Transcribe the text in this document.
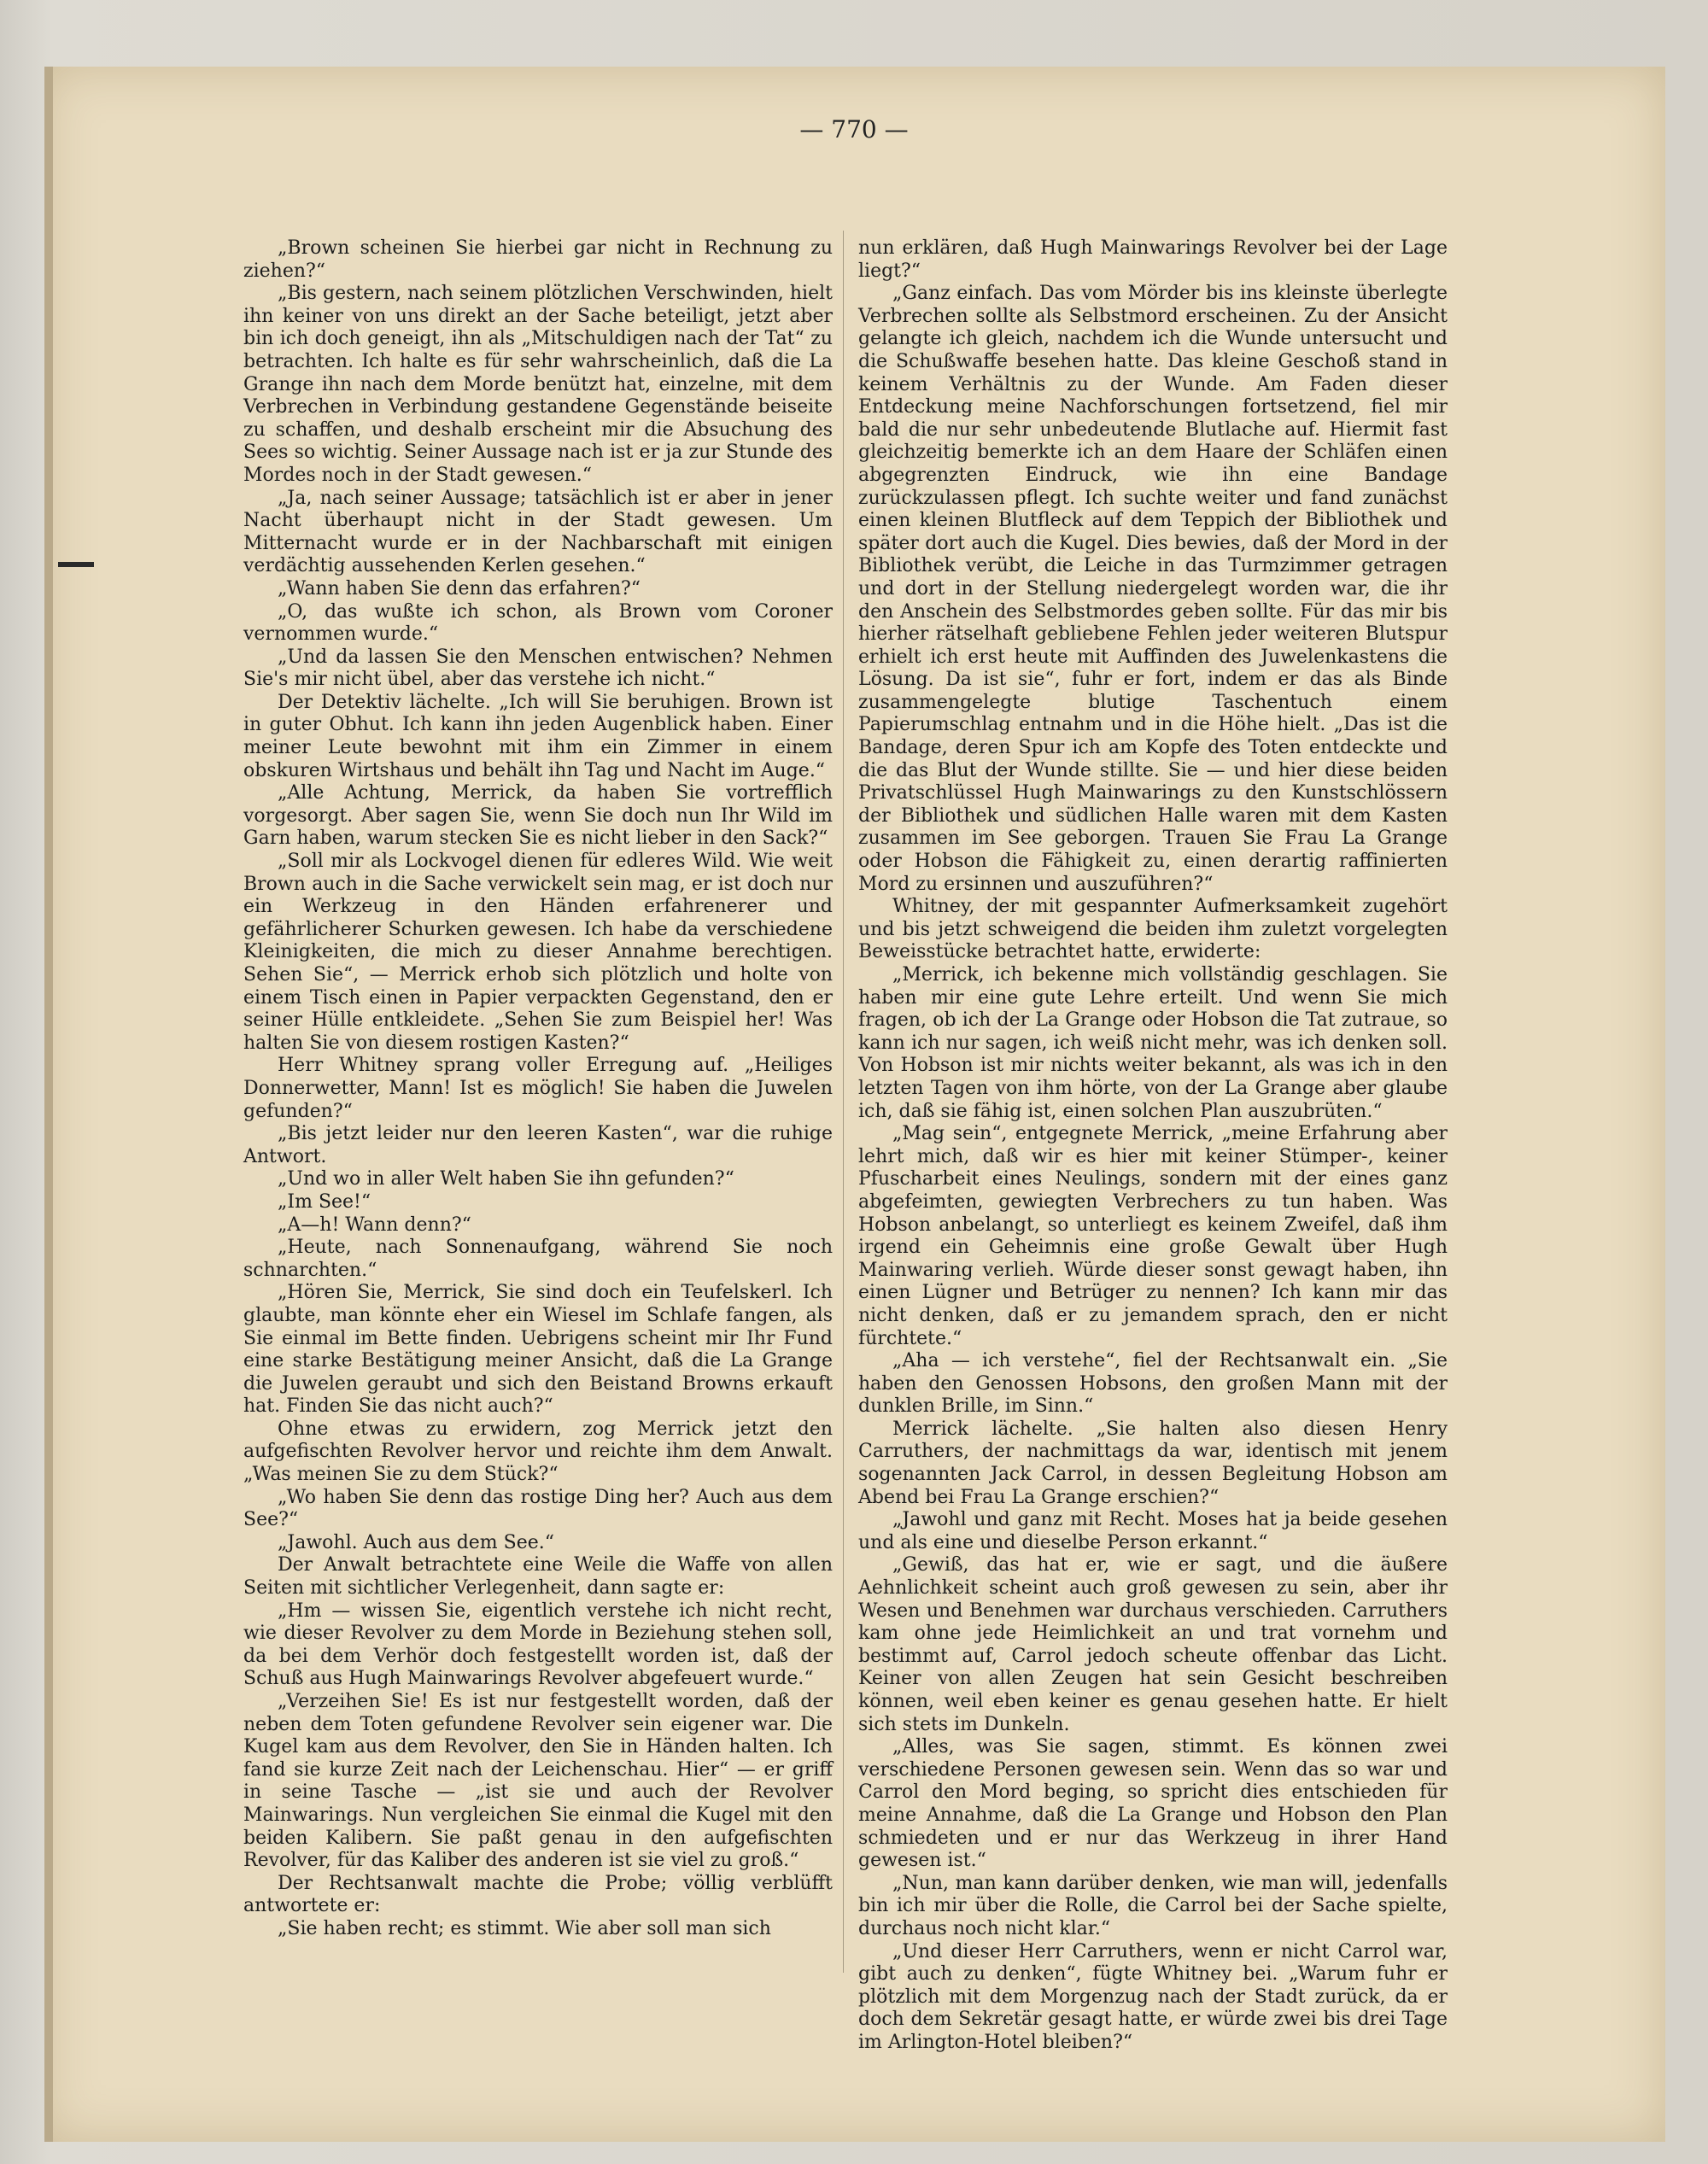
— 770 —

„Brown scheinen Sie hierbei gar nicht in Rechnung zu ziehen?“

„Bis gestern, nach seinem plötzlichen Verschwinden, hielt ihn keiner von uns direkt an der Sache beteiligt, jetzt aber bin ich doch geneigt, ihn als „Mitschuldigen nach der Tat“ zu betrachten. Ich halte es für sehr wahrscheinlich, daß die La Grange ihn nach dem Morde benützt hat, einzelne, mit dem Verbrechen in Verbindung gestandene Gegenstände beiseite zu schaffen, und deshalb erscheint mir die Absuchung des Sees so wichtig. Seiner Aussage nach ist er ja zur Stunde des Mordes noch in der Stadt gewesen.“

„Ja, nach seiner Aussage; tatsächlich ist er aber in jener Nacht überhaupt nicht in der Stadt gewesen. Um Mitternacht wurde er in der Nachbarschaft mit einigen verdächtig aussehenden Kerlen gesehen.“

„Wann haben Sie denn das erfahren?“

„O, das wußte ich schon, als Brown vom Coroner vernommen wurde.“

„Und da lassen Sie den Menschen entwischen? Nehmen Sie's mir nicht übel, aber das verstehe ich nicht.“

Der Detektiv lächelte. „Ich will Sie beruhigen. Brown ist in guter Obhut. Ich kann ihn jeden Augenblick haben. Einer meiner Leute bewohnt mit ihm ein Zimmer in einem obskuren Wirtshaus und behält ihn Tag und Nacht im Auge.“

„Alle Achtung, Merrick, da haben Sie vortrefflich vorgesorgt. Aber sagen Sie, wenn Sie doch nun Ihr Wild im Garn haben, warum stecken Sie es nicht lieber in den Sack?“

„Soll mir als Lockvogel dienen für edleres Wild. Wie weit Brown auch in die Sache verwickelt sein mag, er ist doch nur ein Werkzeug in den Händen erfahrenerer und gefährlicherer Schurken gewesen. Ich habe da verschiedene Kleinigkeiten, die mich zu dieser Annahme berechtigen. Sehen Sie“, — Merrick erhob sich plötzlich und holte von einem Tisch einen in Papier verpackten Gegenstand, den er seiner Hülle entkleidete. „Sehen Sie zum Beispiel her! Was halten Sie von diesem rostigen Kasten?“

Herr Whitney sprang voller Erregung auf. „Heiliges Donnerwetter, Mann! Ist es möglich! Sie haben die Juwelen gefunden?“

„Bis jetzt leider nur den leeren Kasten“, war die ruhige Antwort.

„Und wo in aller Welt haben Sie ihn gefunden?“

„Im See!“

„A—h! Wann denn?“

„Heute, nach Sonnenaufgang, während Sie noch schnarchten.“

„Hören Sie, Merrick, Sie sind doch ein Teufelskerl. Ich glaubte, man könnte eher ein Wiesel im Schlafe fangen, als Sie einmal im Bette finden. Uebrigens scheint mir Ihr Fund eine starke Bestätigung meiner Ansicht, daß die La Grange die Juwelen geraubt und sich den Beistand Browns erkauft hat. Finden Sie das nicht auch?“

Ohne etwas zu erwidern, zog Merrick jetzt den aufgefischten Revolver hervor und reichte ihm dem Anwalt. „Was meinen Sie zu dem Stück?“

„Wo haben Sie denn das rostige Ding her? Auch aus dem See?“

„Jawohl. Auch aus dem See.“

Der Anwalt betrachtete eine Weile die Waffe von allen Seiten mit sichtlicher Verlegenheit, dann sagte er:

„Hm — wissen Sie, eigentlich verstehe ich nicht recht, wie dieser Revolver zu dem Morde in Beziehung stehen soll, da bei dem Verhör doch festgestellt worden ist, daß der Schuß aus Hugh Mainwarings Revolver abgefeuert wurde.“

„Verzeihen Sie! Es ist nur festgestellt worden, daß der neben dem Toten gefundene Revolver sein eigener war. Die Kugel kam aus dem Revolver, den Sie in Händen halten. Ich fand sie kurze Zeit nach der Leichenschau. Hier“ — er griff in seine Tasche — „ist sie und auch der Revolver Mainwarings. Nun vergleichen Sie einmal die Kugel mit den beiden Kalibern. Sie paßt genau in den aufgefischten Revolver, für das Kaliber des anderen ist sie viel zu groß.“

Der Rechtsanwalt machte die Probe; völlig verblüfft antwortete er:

„Sie haben recht; es stimmt. Wie aber soll man sich

nun erklären, daß Hugh Mainwarings Revolver bei der Lage liegt?“

„Ganz einfach. Das vom Mörder bis ins kleinste überlegte Verbrechen sollte als Selbstmord erscheinen. Zu der Ansicht gelangte ich gleich, nachdem ich die Wunde untersucht und die Schußwaffe besehen hatte. Das kleine Geschoß stand in keinem Verhältnis zu der Wunde. Am Faden dieser Entdeckung meine Nachforschungen fortsetzend, fiel mir bald die nur sehr unbedeutende Blutlache auf. Hiermit fast gleichzeitig bemerkte ich an dem Haare der Schläfen einen abgegrenzten Eindruck, wie ihn eine Bandage zurückzulassen pflegt. Ich suchte weiter und fand zunächst einen kleinen Blutfleck auf dem Teppich der Bibliothek und später dort auch die Kugel. Dies bewies, daß der Mord in der Bibliothek verübt, die Leiche in das Turmzimmer getragen und dort in der Stellung niedergelegt worden war, die ihr den Anschein des Selbstmordes geben sollte. Für das mir bis hierher rätselhaft gebliebene Fehlen jeder weiteren Blutspur erhielt ich erst heute mit Auffinden des Juwelenkastens die Lösung. Da ist sie“, fuhr er fort, indem er das als Binde zusammengelegte blutige Taschentuch einem Papierumschlag entnahm und in die Höhe hielt. „Das ist die Bandage, deren Spur ich am Kopfe des Toten entdeckte und die das Blut der Wunde stillte. Sie — und hier diese beiden Privatschlüssel Hugh Mainwarings zu den Kunstschlössern der Bibliothek und südlichen Halle waren mit dem Kasten zusammen im See geborgen. Trauen Sie Frau La Grange oder Hobson die Fähigkeit zu, einen derartig raffinierten Mord zu ersinnen und auszuführen?“

Whitney, der mit gespannter Aufmerksamkeit zugehört und bis jetzt schweigend die beiden ihm zuletzt vorgelegten Beweisstücke betrachtet hatte, erwiderte:

„Merrick, ich bekenne mich vollständig geschlagen. Sie haben mir eine gute Lehre erteilt. Und wenn Sie mich fragen, ob ich der La Grange oder Hobson die Tat zutraue, so kann ich nur sagen, ich weiß nicht mehr, was ich denken soll. Von Hobson ist mir nichts weiter bekannt, als was ich in den letzten Tagen von ihm hörte, von der La Grange aber glaube ich, daß sie fähig ist, einen solchen Plan auszubrüten.“

„Mag sein“, entgegnete Merrick, „meine Erfahrung aber lehrt mich, daß wir es hier mit keiner Stümper-, keiner Pfuscharbeit eines Neulings, sondern mit der eines ganz abgefeimten, gewiegten Verbrechers zu tun haben. Was Hobson anbelangt, so unterliegt es keinem Zweifel, daß ihm irgend ein Geheimnis eine große Gewalt über Hugh Mainwaring verlieh. Würde dieser sonst gewagt haben, ihn einen Lügner und Betrüger zu nennen? Ich kann mir das nicht denken, daß er zu jemandem sprach, den er nicht fürchtete.“

„Aha — ich verstehe“, fiel der Rechtsanwalt ein. „Sie haben den Genossen Hobsons, den großen Mann mit der dunklen Brille, im Sinn.“

Merrick lächelte. „Sie halten also diesen Henry Carruthers, der nachmittags da war, identisch mit jenem sogenannten Jack Carrol, in dessen Begleitung Hobson am Abend bei Frau La Grange erschien?“

„Jawohl und ganz mit Recht. Moses hat ja beide gesehen und als eine und dieselbe Person erkannt.“

„Gewiß, das hat er, wie er sagt, und die äußere Aehnlichkeit scheint auch groß gewesen zu sein, aber ihr Wesen und Benehmen war durchaus verschieden. Carruthers kam ohne jede Heimlichkeit an und trat vornehm und bestimmt auf, Carrol jedoch scheute offenbar das Licht. Keiner von allen Zeugen hat sein Gesicht beschreiben können, weil eben keiner es genau gesehen hatte. Er hielt sich stets im Dunkeln.

„Alles, was Sie sagen, stimmt. Es können zwei verschiedene Personen gewesen sein. Wenn das so war und Carrol den Mord beging, so spricht dies entschieden für meine Annahme, daß die La Grange und Hobson den Plan schmiedeten und er nur das Werkzeug in ihrer Hand gewesen ist.“

„Nun, man kann darüber denken, wie man will, jedenfalls bin ich mir über die Rolle, die Carrol bei der Sache spielte, durchaus noch nicht klar.“

„Und dieser Herr Carruthers, wenn er nicht Carrol war, gibt auch zu denken“, fügte Whitney bei. „Warum fuhr er plötzlich mit dem Morgenzug nach der Stadt zurück, da er doch dem Sekretär gesagt hatte, er würde zwei bis drei Tage im Arlington-Hotel bleiben?“
